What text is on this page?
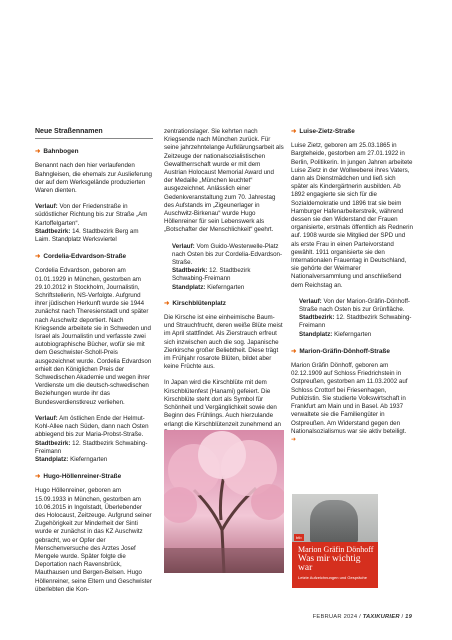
Neue Straßennamen
➜ Bahnbogen

Benannt nach den hier verlaufenden Bahngleisen, die ehemals zur Auslieferung der auf dem Werksgelände produzierten Waren dienten.

Verlauf: Von der Friedenstraße in südöstlicher Richtung bis zur Straße „Am Kartoffelgarten“.
Stadtbezirk: 14. Stadtbezirk Berg am Laim. Standplatz Werksviertel

➜ Cordelia-Edvardson-Straße

Cordelia Edvardson, geboren am 01.01.1929 in München, gestorben am 29.10.2012 in Stockholm, Journalistin, Schriftstellerin, NS-Verfolgte. Aufgrund ihrer jüdischen Herkunft wurde sie 1944 zunächst nach Theresienstadt und später nach Auschwitz deportiert. Nach Kriegsende arbeitete sie in Schweden und Israel als Journalistin und verfasste zwei autobiographische Bücher, wofür sie mit dem Geschwister-Scholl-Preis ausgezeichnet wurde. Cordelia Edvardson erhielt den Königlichen Preis der Schwedischen Akademie und wegen ihrer Verdienste um die deutsch-schwedischen Beziehungen wurde ihr das Bundesverdienstkreuz verliehen.

Verlauf: Am östlichen Ende der Helmut-Kohl-Allee nach Süden, dann nach Osten abbiegend bis zur Maria-Probst-Straße.
Stadtbezirk: 12. Stadtbezirk Schwabing-Freimann
Standplatz: Kieferngarten

➜ Hugo-Höllenreiner-Straße

Hugo Höllenreiner, geboren am 15.09.1933 in München, gestorben am 10.06.2015 in Ingolstadt, Überlebender des Holocaust, Zeitzeuge. Aufgrund seiner Zugehörigkeit zur Minderheit der Sinti wurde er zunächst in das KZ Auschwitz gebracht, wo er Opfer der Menschenversuche des Arztes Josef Mengele wurde. Später folgte die Deportation nach Ravensbrück, Mauthausen und Bergen-Belsen. Hugo Höllenreiner, seine Eltern und Geschwister überlebten die Kon-

zentrationslager. Sie kehrten nach Kriegsende nach München zurück. Für seine jahrzehntelange Aufklärungsarbeit als Zeitzeuge der nationalsozialistischen Gewaltherrschaft wurde er mit dem Austrian Holocaust Memorial Award und der Medaille „München leuchtet“ ausgezeichnet. Anlässlich einer Gedenkveranstaltung zum 70. Jahrestag des Aufstands im „Zigeunerlager in Auschwitz-Birkenau“ wurde Hugo Höllenreiner für sein Lebenswerk als „Botschafter der Menschlichkeit“ geehrt.

Verlauf: Vom Guido-Westerwelle-Platz nach Osten bis zur Cordelia-Edvardson-Straße.
Stadtbezirk: 12. Stadtbezirk Schwabing-Freimann
Standplatz: Kieferngarten

➜ Kirschblütenplatz

Die Kirsche ist eine einheimische Baum- und Strauchfrucht, deren weiße Blüte meist im April stattfindet. Als Zierstrauch erfreut sich inzwischen auch die sog. Japanische Zierkirsche großer Beliebtheit. Diese trägt im Frühjahr rosarote Blüten, bildet aber keine Früchte aus.

In Japan wird die Kirschblüte mit dem Kirschblütenfest (Hanami) gefeiert. Die Kirschblüte steht dort als Symbol für Schönheit und Vergänglichkeit sowie den Beginn des Frühlings. Auch hierzulande erlangt die Kirschblütenzeit zunehmend an

➜ Luise-Zietz-Straße

Luise Zietz, geboren am 25.03.1865 in Bargteheide, gestorben am 27.01.1922 in Berlin, Politikerin. In jungen Jahren arbeitete Luise Zietz in der Wollweberei ihres Vaters, dann als Dienstmädchen und ließ sich später als Kindergärtnerin ausbilden. Ab 1892 engagierte sie sich für die Sozialdemokratie und 1896 trat sie beim Hamburger Hafenarbeiterstreik, während dessen sie den Widerstand der Frauen organisierte, erstmals öffentlich als Rednerin auf. 1908 wurde sie Mitglied der SPD und als erste Frau in einen Parteivorstand gewählt. 1911 organisierte sie den Internationalen Frauentag in Deutschland, sie gehörte der Weimarer Nationalversammlung und anschließend dem Reichstag an.

Verlauf: Von der Marion-Gräfin-Dönhoff-Straße nach Osten bis zur Grünfläche.
Stadtbezirk: 12. Stadtbezirk Schwabing-Freimann
Standplatz: Kieferngarten

➜ Marion-Gräfin-Dönhoff-Straße

Marion Gräfin Dönhoff, geboren am 02.12.1909 auf Schloss Friedrichstein in Ostpreußen, gestorben am 11.03.2002 auf Schloss Crottorf bei Friesenhagen, Publizistin. Sie studierte Volkswirtschaft in Frankfurt am Main und in Basel. Ab 1937 verwaltete sie die Familiengüter in Ostpreußen. Am Widerstand gegen den Nationalsozialismus war sie aktiv beteiligt. ➜

btb
Marion Gräfin Dönhoff
Was mir wichtig war
Letzte Aufzeichnungen und Gespräche
FEBRUAR 2024 / TAXIKURIER / 19
